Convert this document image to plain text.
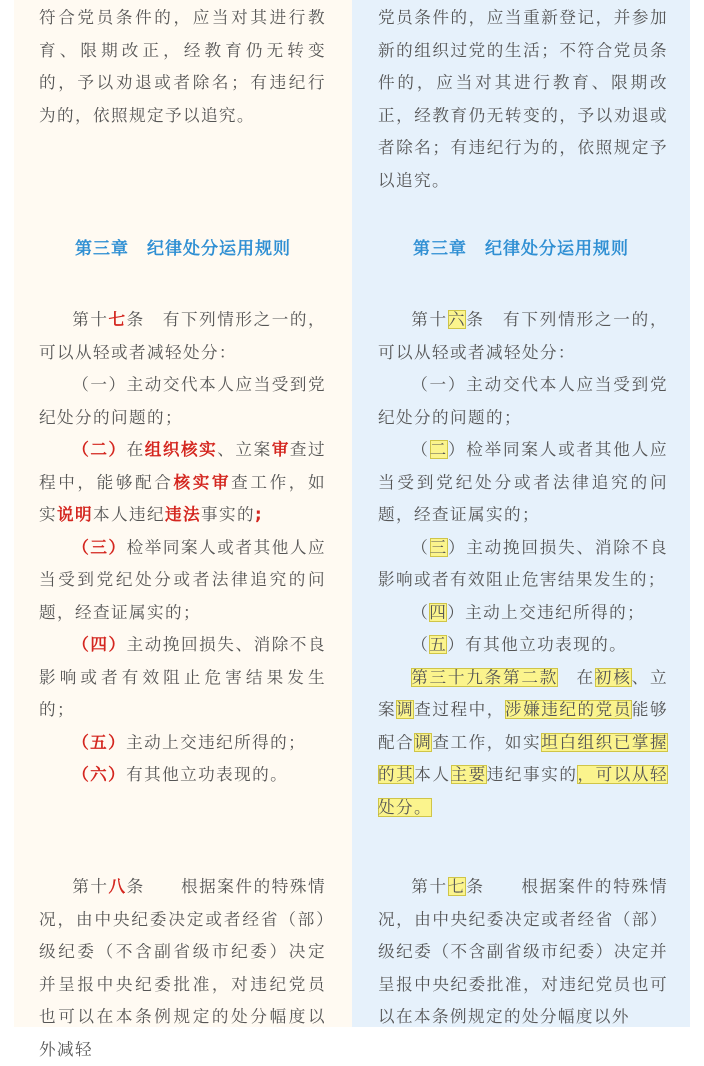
符合党员条件的，应当对其进行教育、限期改正，经教育仍无转变的，予以劝退或者除名；有违纪行为的，依照规定予以追究。

第三章　纪律处分运用规则

第十七条　有下列情形之一的，可以从轻或者减轻处分：

（一）主动交代本人应当受到党纪处分的问题的；

（二）在组织核实、立案审查过程中，能够配合核实审查工作，如实说明本人违纪违法事实的;

（三）检举同案人或者其他人应当受到党纪处分或者法律追究的问题，经查证属实的；

（四）主动挽回损失、消除不良影响或者有效阻止危害结果发生的；

（五）主动上交违纪所得的；

（六）有其他立功表现的。

第十八条　　根据案件的特殊情况，由中央纪委决定或者经省（部）级纪委（不含副省级市纪委）决定并呈报中央纪委批准，对违纪党员也可以在本条例规定的处分幅度以外减轻

党员条件的，应当重新登记，并参加新的组织过党的生活；不符合党员条件的，应当对其进行教育、限期改正，经教育仍无转变的，予以劝退或者除名；有违纪行为的，依照规定予以追究。

第三章　纪律处分运用规则

第十六条　有下列情形之一的，可以从轻或者减轻处分：

（一）主动交代本人应当受到党纪处分的问题的；

（二）检举同案人或者其他人应当受到党纪处分或者法律追究的问题，经查证属实的；

（三）主动挽回损失、消除不良影响或者有效阻止危害结果发生的；

（四）主动上交违纪所得的；

（五）有其他立功表现的。

第三十九条第二款　在初核、立案调查过程中，涉嫌违纪的党员能够配合调查工作，如实坦白组织已掌握的其本人主要违纪事实的，可以从轻处分。

第十七条　　根据案件的特殊情况，由中央纪委决定或者经省（部）级纪委（不含副省级市纪委）决定并呈报中央纪委批准，对违纪党员也可以在本条例规定的处分幅度以外
